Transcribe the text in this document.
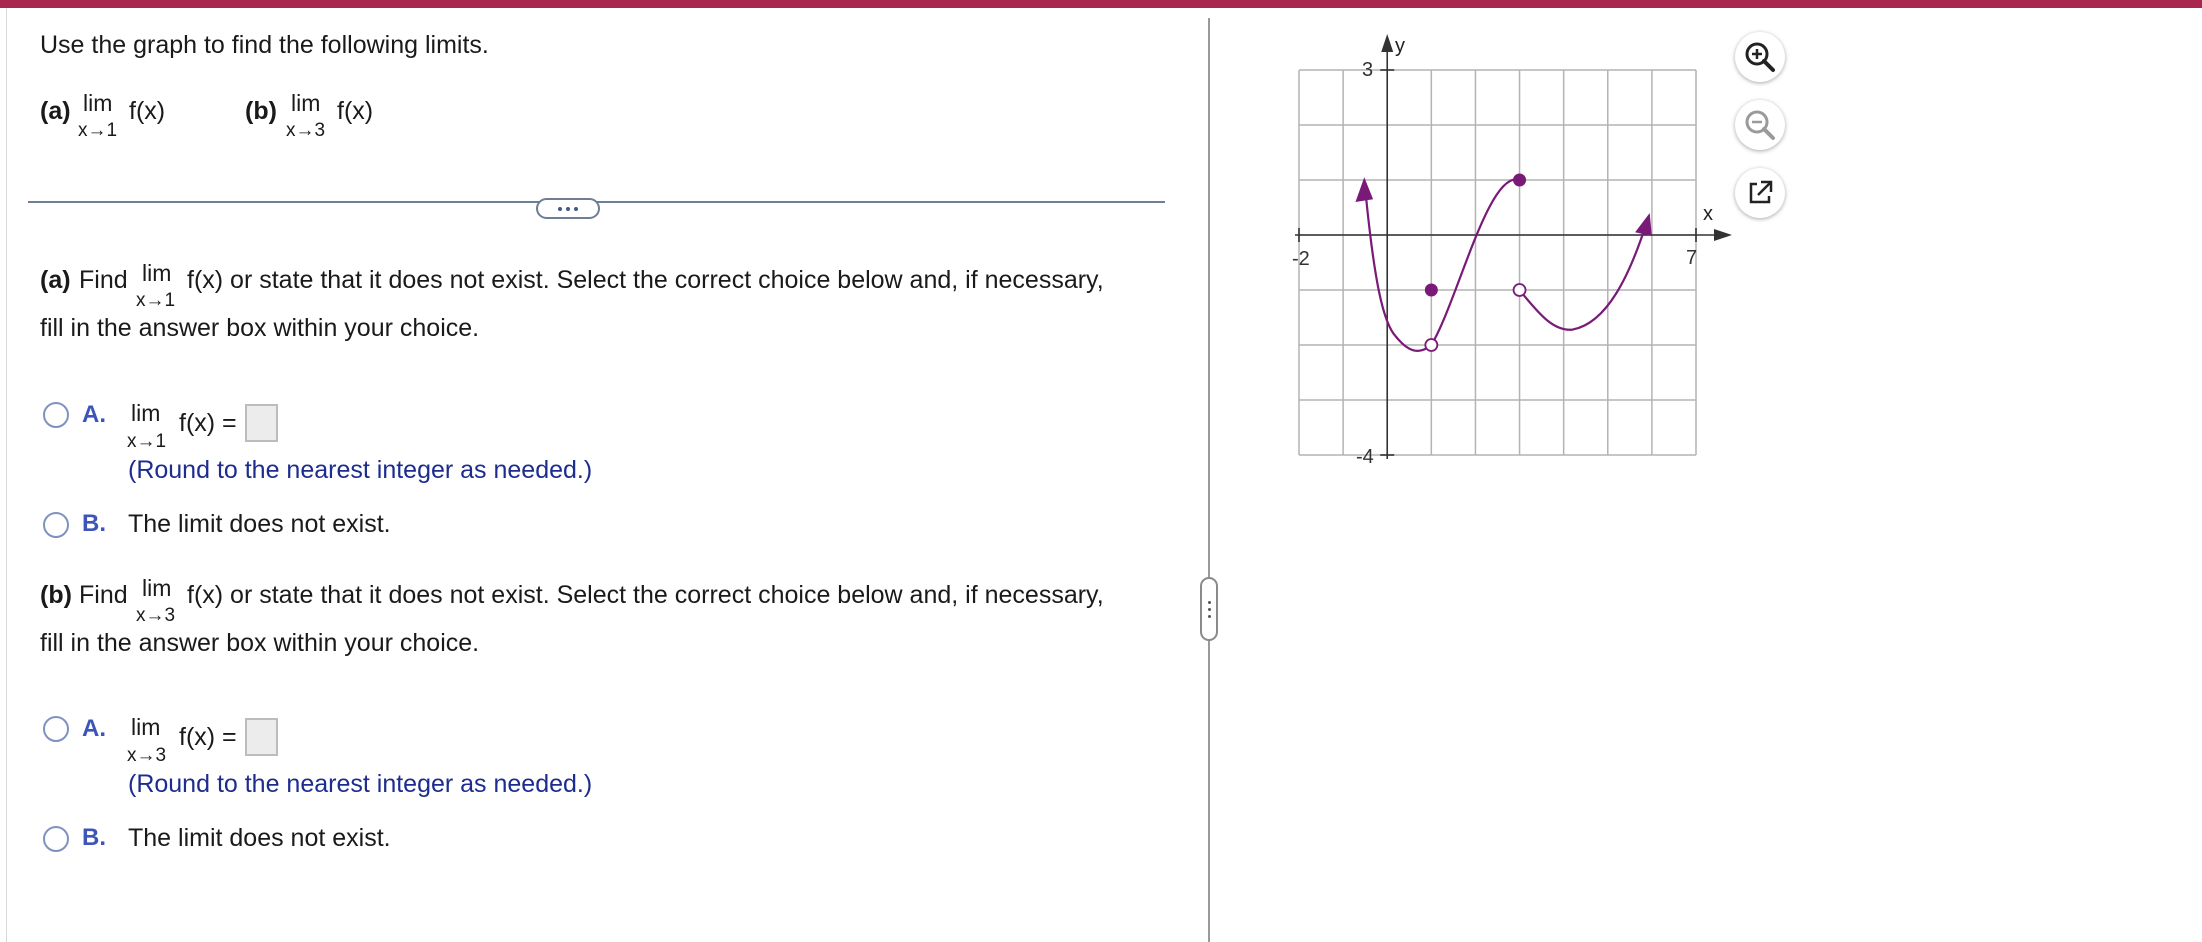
Use the graph to find the following limits.
(a) lim
x→1
f(x)	(b) lim
x→3
f(x)
(a) Find lim
x→1
f(x) or state that it does not exist. Select the correct choice below and, if necessary,
fill in the answer box within your choice.
A. lim
x→1
f(x) =
(Round to the nearest integer as needed.)
B. The limit does not exist.
(b) Find lim
x→3
f(x) or state that it does not exist. Select the correct choice below and, if necessary,
fill in the answer box within your choice.
A. lim
x→3
f(x) =
(Round to the nearest integer as needed.)
B. The limit does not exist.
y
x
-2	7
3
-4
